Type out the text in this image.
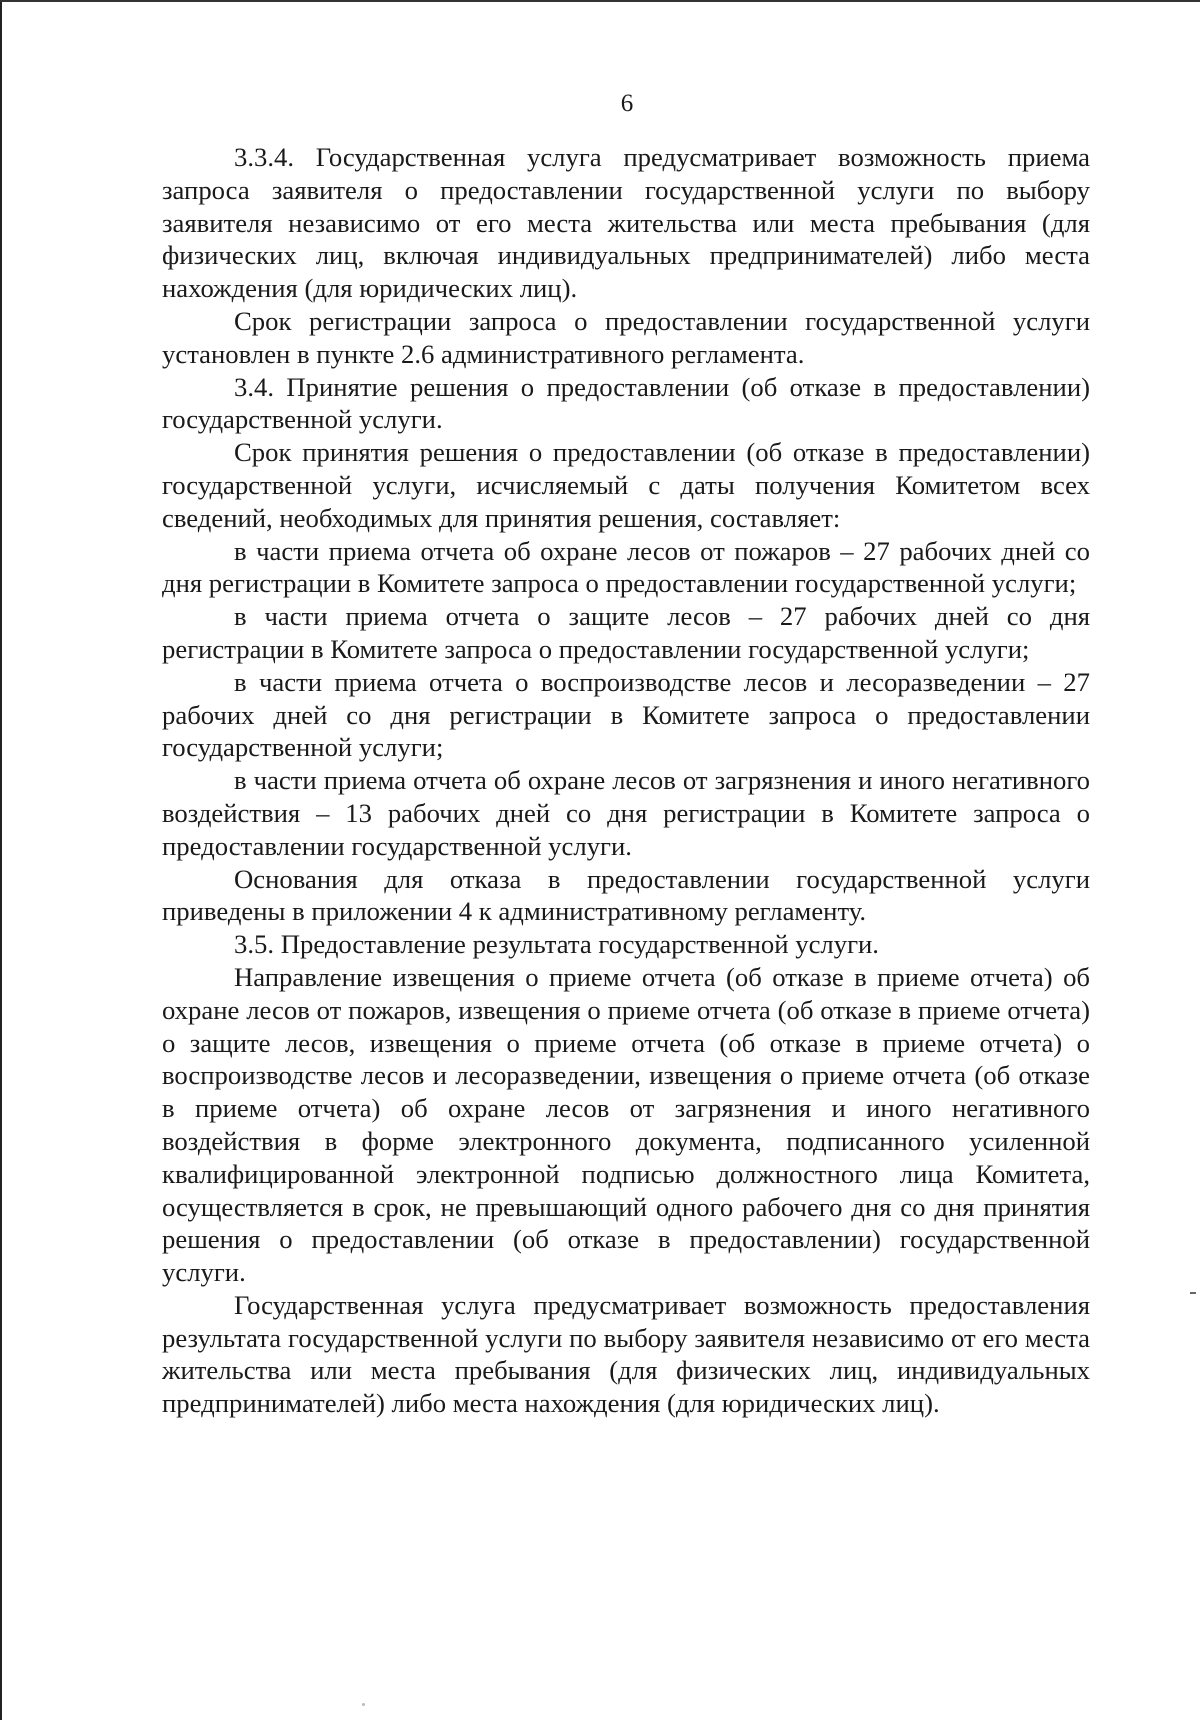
6

3.3.4. Государственная услуга предусматривает возможность приема запроса заявителя о предоставлении государственной услуги по выбору заявителя независимо от его места жительства или места пребывания (для физических лиц, включая индивидуальных предпринимателей) либо места нахождения (для юридических лиц).

Срок регистрации запроса о предоставлении государственной услуги установлен в пункте 2.6 административного регламента.

3.4. Принятие решения о предоставлении (об отказе в предоставлении) государственной услуги.

Срок принятия решения о предоставлении (об отказе в предоставлении) государственной услуги, исчисляемый с даты получения Комитетом всех сведений, необходимых для принятия решения, составляет:

в части приема отчета об охране лесов от пожаров – 27 рабочих дней со дня регистрации в Комитете запроса о предоставлении государственной услуги;

в части приема отчета о защите лесов – 27 рабочих дней со дня регистрации в Комитете запроса о предоставлении государственной услуги;

в части приема отчета о воспроизводстве лесов и лесоразведении – 27 рабочих дней со дня регистрации в Комитете запроса о предоставлении государственной услуги;

в части приема отчета об охране лесов от загрязнения и иного негативного воздействия – 13 рабочих дней со дня регистрации в Комитете запроса о предоставлении государственной услуги.

Основания для отказа в предоставлении государственной услуги приведены в приложении 4 к административному регламенту.

3.5. Предоставление результата государственной услуги.

Направление извещения о приеме отчета (об отказе в приеме отчета) об охране лесов от пожаров, извещения о приеме отчета (об отказе в приеме отчета) о защите лесов, извещения о приеме отчета (об отказе в приеме отчета) о воспроизводстве лесов и лесоразведении, извещения о приеме отчета (об отказе в приеме отчета) об охране лесов от загрязнения и иного негативного воздействия в форме электронного документа, подписанного усиленной квалифицированной электронной подписью должностного лица Комитета, осуществляется в срок, не превышающий одного рабочего дня со дня принятия решения о предоставлении (об отказе в предоставлении) государственной услуги.

Государственная услуга предусматривает возможность предоставления результата государственной услуги по выбору заявителя независимо от его места жительства или места пребывания (для физических лиц, индивидуальных предпринимателей) либо места нахождения (для юридических лиц).
